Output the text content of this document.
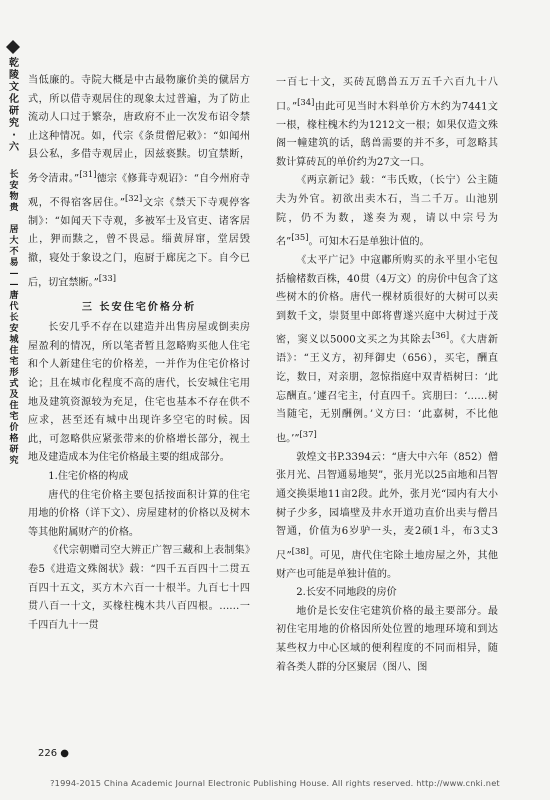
乾
陵
文
化
研
究
·
六
长
安
物
贵

居
大
不
易
—
—
唐
代
长
安
城
住
宅
形
式
及
住
宅
价
格
研
究

当低廉的。寺院大概是中古最物廉价美的僦居方式，所以借寺观居住的现象太过普遍，为了防止流动人口过于繁杂，唐政府不止一次发布诏令禁止这种情况。如，代宗《条贯僧尼敕》：“如闻州县公私，多借寺观居止，因兹亵黩。切宜禁断，务令清肃。”[31]德宗《修葺寺观诏》：“自今州府寺观，不得宿客居住。”[32]文宗《禁天下寺观停客制》：“如闻天下寺观，多被军士及官吏、诸客居止，狎而黩之，曾不畏忌。缁黄屏窜，堂居毁撤，寝处于象设之门，庖厨于廊庑之下。自今已后，切宜禁断。”[33]

三 长安住宅价格分析

长安几乎不存在以建造并出售房屋或倒卖房屋盈利的情况，所以笔者暂且忽略购买他人住宅和个人新建住宅的价格差，一并作为住宅价格讨论；且在城市化程度不高的唐代，长安城住宅用地及建筑资源较为充足，住宅也基本不存在供不应求，甚至还有城中出现许多空宅的时候。因此，可忽略供应紧张带来的价格增长部分，视土地及建造成本为住宅价格最主要的组成部分。

1.住宅价格的构成

唐代的住宅价格主要包括按面积计算的住宅用地的价格（详下文）、房屋建材的价格以及树木等其他附属财产的价格。

《代宗朝赠司空大辨正广智三藏和上表制集》卷5《进造文殊阁状》载：“四千五百四十二贯五百四十五文，买方木六百一十根半。九百七十四贯八百一十文，买椽柱槐木共八百四根。……一千四百九十一贯

一百七十文，买砖瓦鸱兽五万五千六百九十八口。”[34]由此可见当时木料单价方木约为7441文一根，椽柱槐木约为1212文一根；如果仅造文殊阁一幢建筑的话，鸱兽需要的并不多，可忽略其数计算砖瓦的单价约为27文一口。

《两京新记》载：“韦氏败，（长宁）公主随夫为外官。初欲出卖木石，当二千万。山池别院，仍不为数，遂奏为观，请以中宗号为名”[35]。可知木石是单独计值的。

《太平广记》中寇鄘所购买的永平里小宅包括榆楮数百株，40贯（4万文）的房价中包含了这些树木的价格。唐代一棵材质很好的大树可以卖到数千文，崇贤里中郎将曹遂兴庭中大树过于茂密，窦义以5000文买之为其除去[36]。《大唐新语》：“王义方，初拜御史（656），买宅，酬直讫，数日，对亲朋，忽惊指庭中双青梧树曰：‘此忘酬直。’遽召宅主，付直四千。宾朋曰：‘……树当随宅，无别酬例。’义方曰：‘此嘉树，不比他也。’”[37]

敦煌文书P.3394云：“唐大中六年（852）僧张月光、吕智通易地契”，张月光以25亩地和吕智通交换渠地11亩2段。此外，张月光“园内有大小树子少多，园墙壁及井水开道功直价出卖与僧吕智通，价值为6岁驴一头，麦2硕1斗，布3丈3尺”[38]。可见，唐代住宅除土地房屋之外，其他财产也可能是单独计值的。

2.长安不同地段的房价

地价是长安住宅建筑价格的最主要部分。最初住宅用地的价格因所处位置的地理环境和到达某些权力中心区域的便利程度的不同而相异，随着各类人群的分区聚居（图八、图

226 ●
?1994-2015 China Academic Journal Electronic Publishing House. All rights reserved. http://www.cnki.net
